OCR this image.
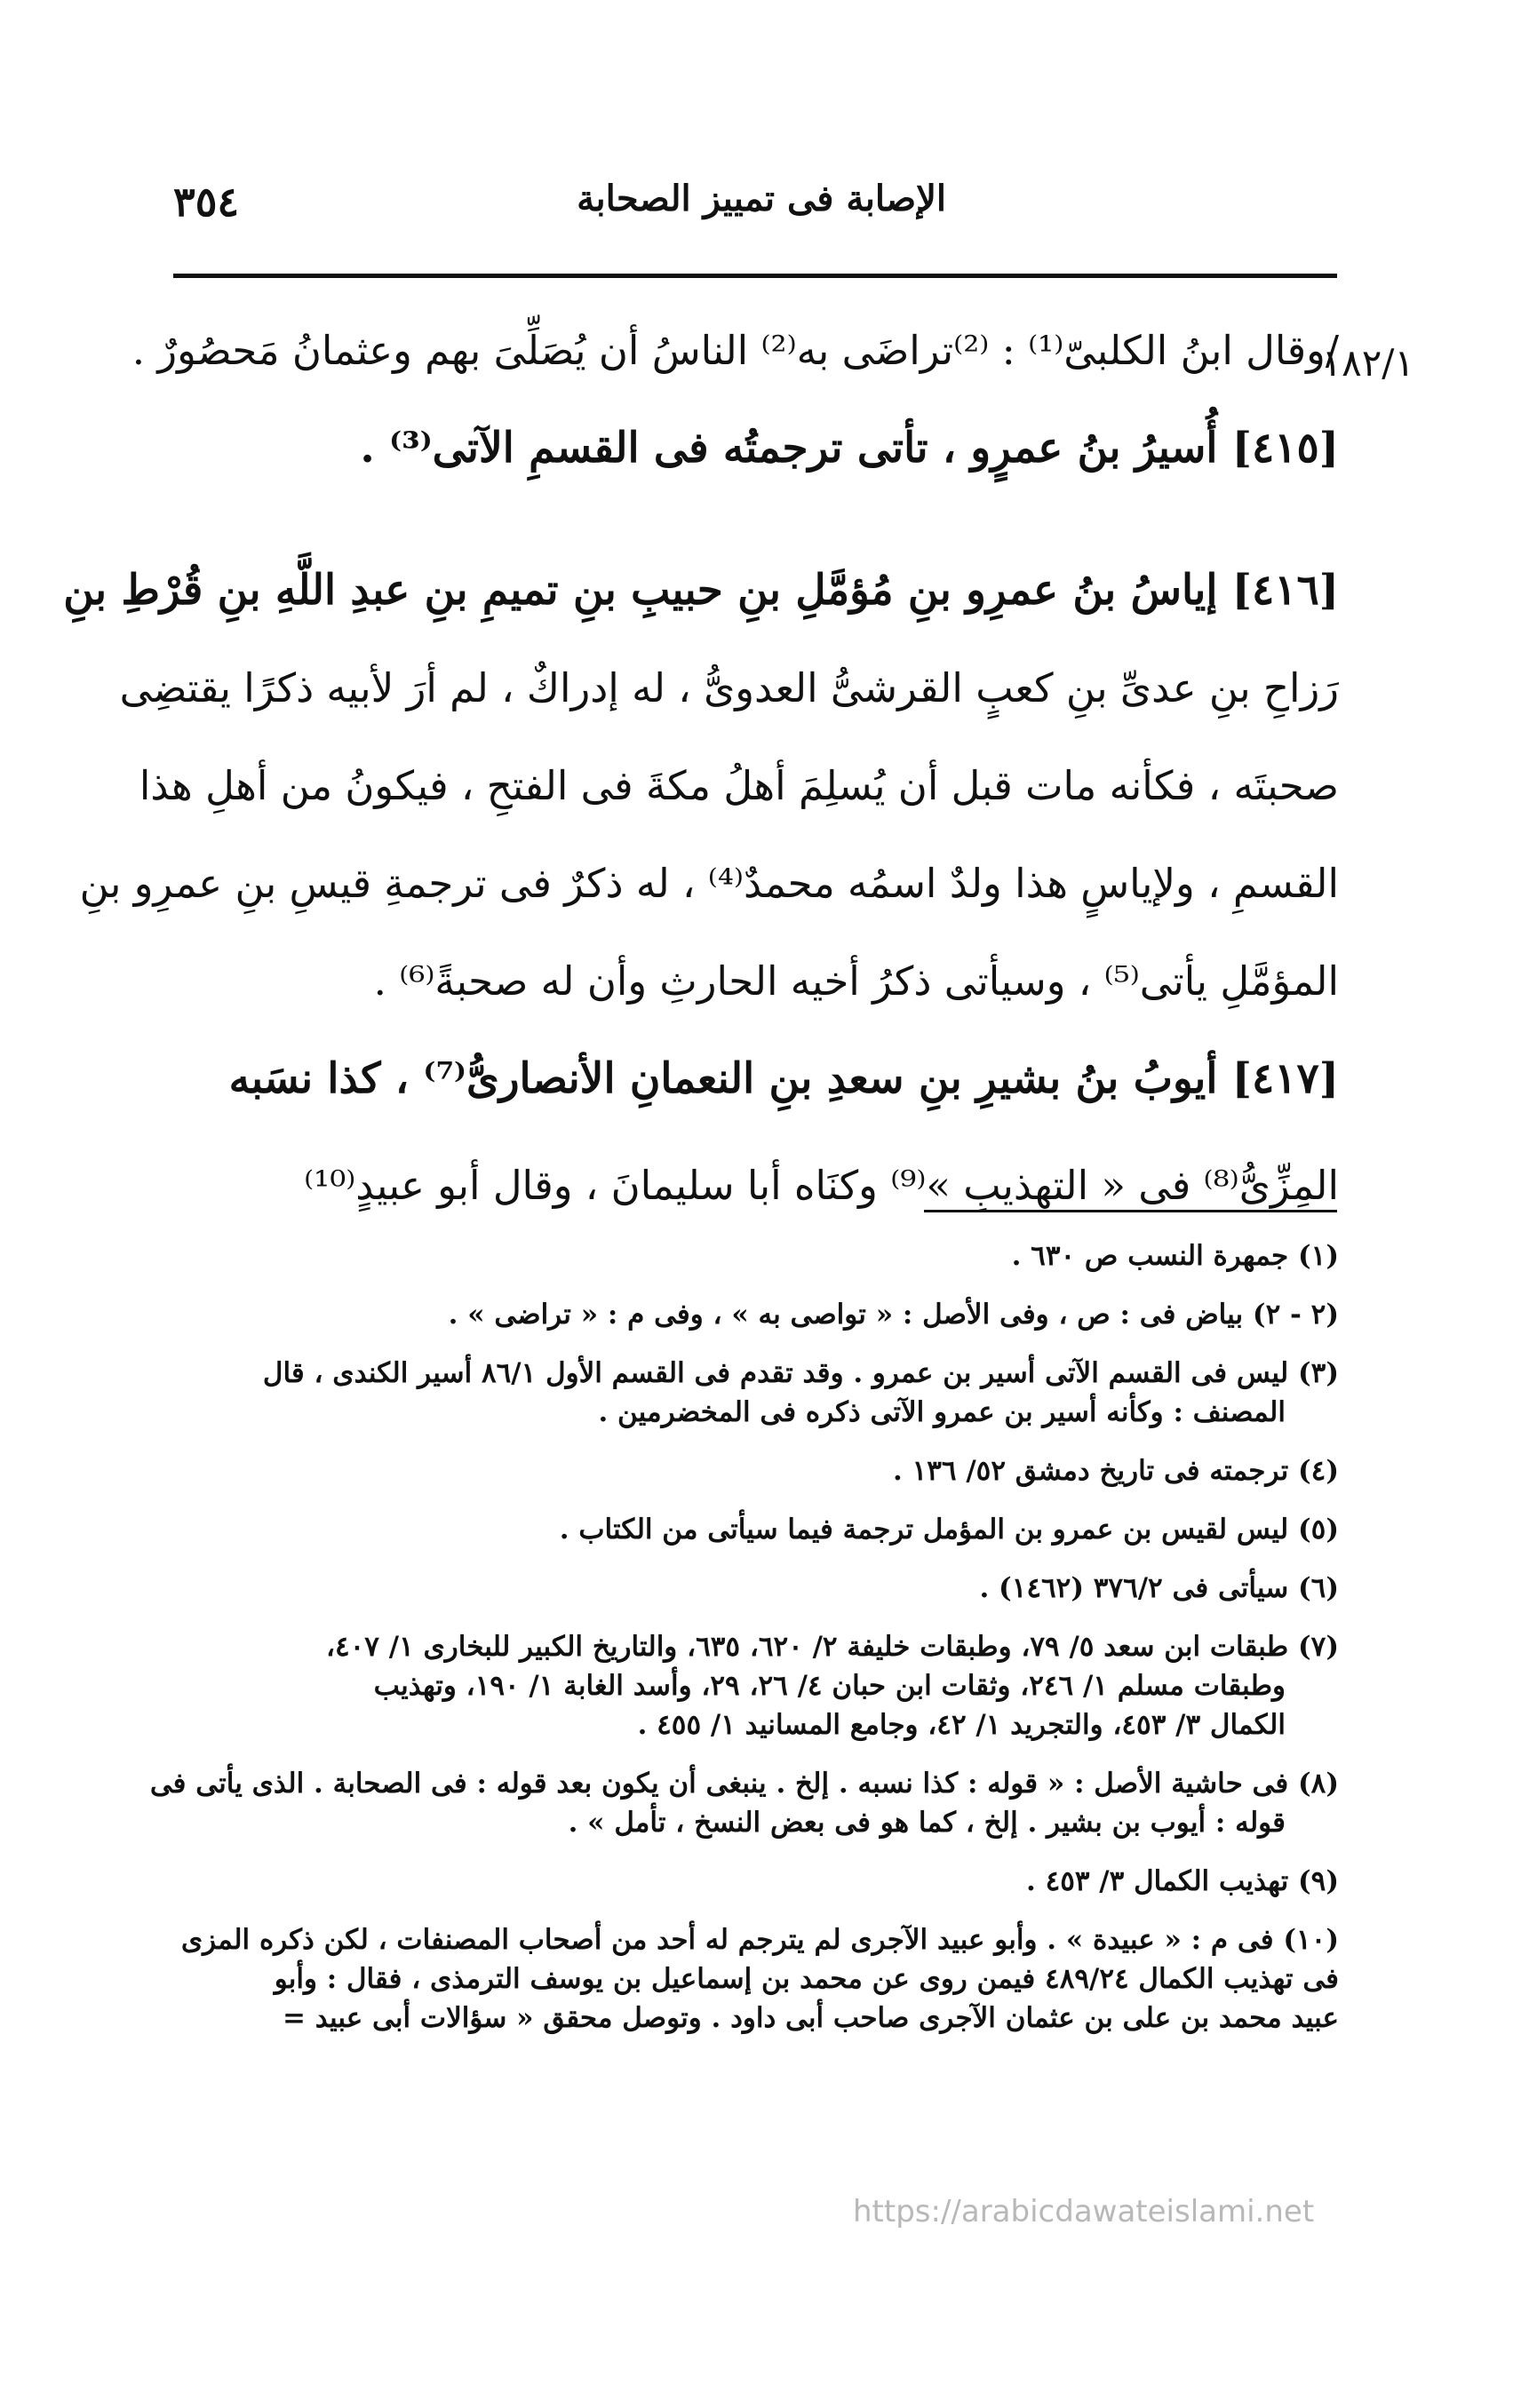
٣٥٤	الإصابة فى تمييز الصحابة
١٨٢/١

/وقال ابنُ الكلبىّ⁽¹⁾ : ⁽²⁾تراضَى به⁽²⁾ الناسُ أن يُصَلِّىَ بهم وعثمانُ مَحصُورٌ .

[٤١٥] أُسيرُ بنُ عمرٍو ، تأتى ترجمتُه فى القسمِ الآتى⁽³⁾ .

[٤١٦] إياسُ بنُ عمرِو بنِ مُؤمَّلِ بنِ حبيبِ بنِ تميمِ بنِ عبدِ اللَّهِ بنِ قُرْطِ بنِ

رَزاحِ بنِ عدىِّ بنِ كعبٍ القرشىُّ العدوىُّ ، له إدراكٌ ، لم أرَ لأبيه ذكرًا يقتضِى

صحبتَه ، فكأنه مات قبل أن يُسلِمَ أهلُ مكةَ فى الفتحِ ، فيكونُ من أهلِ هذا

القسمِ ، ولإياسٍ هذا ولدٌ اسمُه محمدٌ⁽⁴⁾ ، له ذكرٌ فى ترجمةِ قيسِ بنِ عمرِو بنِ

المؤمَّلِ يأتى⁽⁵⁾ ، وسيأتى ذكرُ أخيه الحارثِ وأن له صحبةً⁽⁶⁾ .

[٤١٧] أيوبُ بنُ بشيرِ بنِ سعدِ بنِ النعمانِ الأنصارىُّ⁽⁷⁾ ، كذا نسَبه

المِزِّىُّ⁽⁸⁾ فى « التهذيبِ »⁽⁹⁾ وكنَاه أبا سليمانَ ، وقال أبو عبيدٍ⁽¹⁰⁾

(١) جمهرة النسب ص ٦٣٠ .

(٢ - ٢) بياض فى : ص ، وفى الأصل : « تواصى به » ، وفى م : « تراضى » .

(٣) ليس فى القسم الآتى أسير بن عمرو . وقد تقدم فى القسم الأول ٨٦/١ أسير الكندى ، قال
المصنف : وكأنه أسير بن عمرو الآتى ذكره فى المخضرمين .

(٤) ترجمته فى تاريخ دمشق ٥٢/ ١٣٦ .

(٥) ليس لقيس بن عمرو بن المؤمل ترجمة فيما سيأتى من الكتاب .

(٦) سيأتى فى ٣٧٦/٢ (١٤٦٢) .

(٧) طبقات ابن سعد ٥/ ٧٩، وطبقات خليفة ٢/ ٦٢٠، ٦٣٥، والتاريخ الكبير للبخارى ١/ ٤٠٧،
وطبقات مسلم ١/ ٢٤٦، وثقات ابن حبان ٤/ ٢٦، ٢٩، وأسد الغابة ١/ ١٩٠، وتهذيب
الكمال ٣/ ٤٥٣، والتجريد ١/ ٤٢، وجامع المسانيد ١/ ٤٥٥ .

(٨) فى حاشية الأصل : « قوله : كذا نسبه . إلخ . ينبغى أن يكون بعد قوله : فى الصحابة . الذى يأتى فى
قوله : أيوب بن بشير . إلخ ، كما هو فى بعض النسخ ، تأمل » .

(٩) تهذيب الكمال ٣/ ٤٥٣ .

(١٠) فى م : « عبيدة » . وأبو عبيد الآجرى لم يترجم له أحد من أصحاب المصنفات ، لكن ذكره المزى
فى تهذيب الكمال ٤٨٩/٢٤ فيمن روى عن محمد بن إسماعيل بن يوسف الترمذى ، فقال : وأبو
عبيد محمد بن على بن عثمان الآجرى صاحب أبى داود . وتوصل محقق « سؤالات أبى عبيد =

https://arabicdawateislami.net
